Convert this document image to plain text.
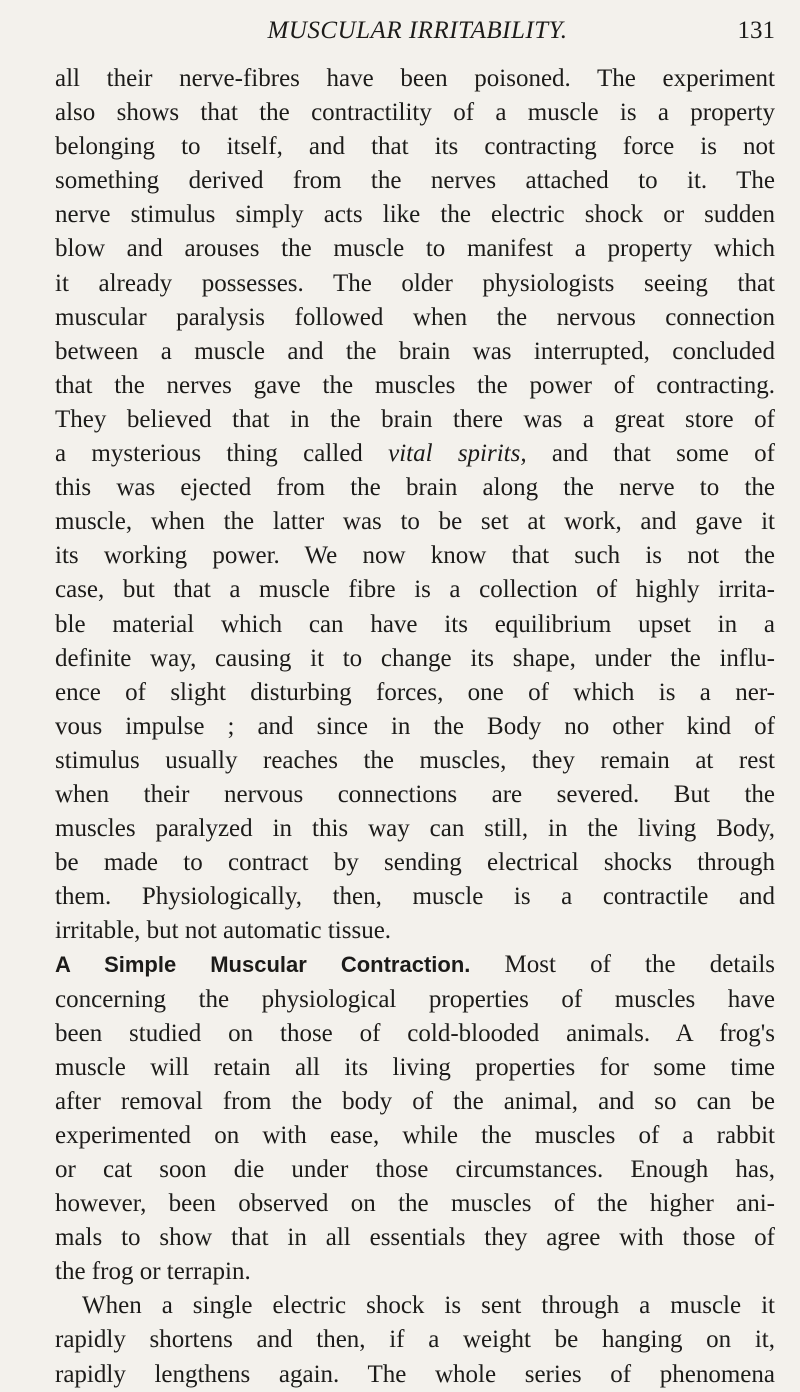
MUSCULAR IRRITABILITY.	131
all their nerve-fibres have been poisoned. The experiment
also shows that the contractility of a muscle is a property
belonging to itself, and that its contracting force is not
something derived from the nerves attached to it. The
nerve stimulus simply acts like the electric shock or sudden
blow and arouses the muscle to manifest a property which
it already possesses. The older physiologists seeing that
muscular paralysis followed when the nervous connection
between a muscle and the brain was interrupted, concluded
that the nerves gave the muscles the power of contracting.
They believed that in the brain there was a great store of
a mysterious thing called vital spirits, and that some of
this was ejected from the brain along the nerve to the
muscle, when the latter was to be set at work, and gave it
its working power. We now know that such is not the
case, but that a muscle fibre is a collection of highly irrita-
ble material which can have its equilibrium upset in a
definite way, causing it to change its shape, under the influ-
ence of slight disturbing forces, one of which is a ner-
vous impulse ; and since in the Body no other kind of
stimulus usually reaches the muscles, they remain at rest
when their nervous connections are severed. But the
muscles paralyzed in this way can still, in the living Body,
be made to contract by sending electrical shocks through
them. Physiologically, then, muscle is a contractile and
irritable, but not automatic tissue.
A Simple Muscular Contraction. Most of the details
concerning the physiological properties of muscles have
been studied on those of cold-blooded animals. A frog's
muscle will retain all its living properties for some time
after removal from the body of the animal, and so can be
experimented on with ease, while the muscles of a rabbit
or cat soon die under those circumstances. Enough has,
however, been observed on the muscles of the higher ani-
mals to show that in all essentials they agree with those of
the frog or terrapin.
When a single electric shock is sent through a muscle it
rapidly shortens and then, if a weight be hanging on it,
rapidly lengthens again. The whole series of phenomena
